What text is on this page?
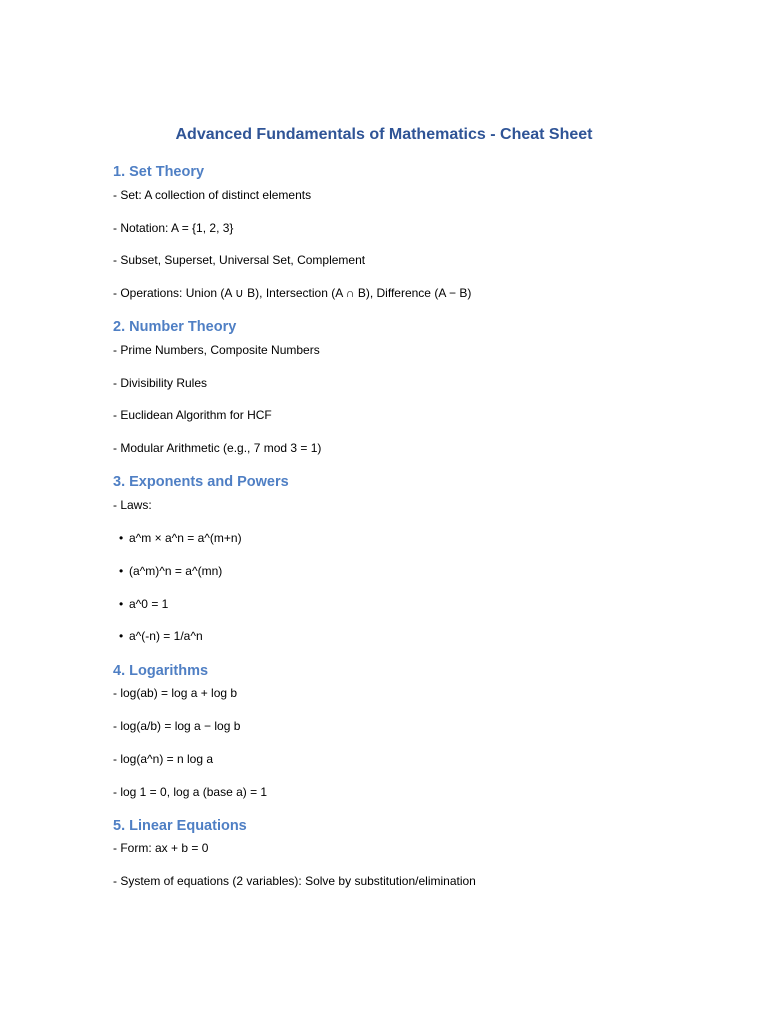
Advanced Fundamentals of Mathematics - Cheat Sheet
1. Set Theory
- Set: A collection of distinct elements
- Notation: A = {1, 2, 3}
- Subset, Superset, Universal Set, Complement
- Operations: Union (A ∪ B), Intersection (A ∩ B), Difference (A − B)
2. Number Theory
- Prime Numbers, Composite Numbers
- Divisibility Rules
- Euclidean Algorithm for HCF
- Modular Arithmetic (e.g., 7 mod 3 = 1)
3. Exponents and Powers
- Laws:
• a^m × a^n = a^(m+n)
• (a^m)^n = a^(mn)
• a^0 = 1
• a^(-n) = 1/a^n
4. Logarithms
- log(ab) = log a + log b
- log(a/b) = log a − log b
- log(a^n) = n log a
- log 1 = 0, log a (base a) = 1
5. Linear Equations
- Form: ax + b = 0
- System of equations (2 variables): Solve by substitution/elimination
